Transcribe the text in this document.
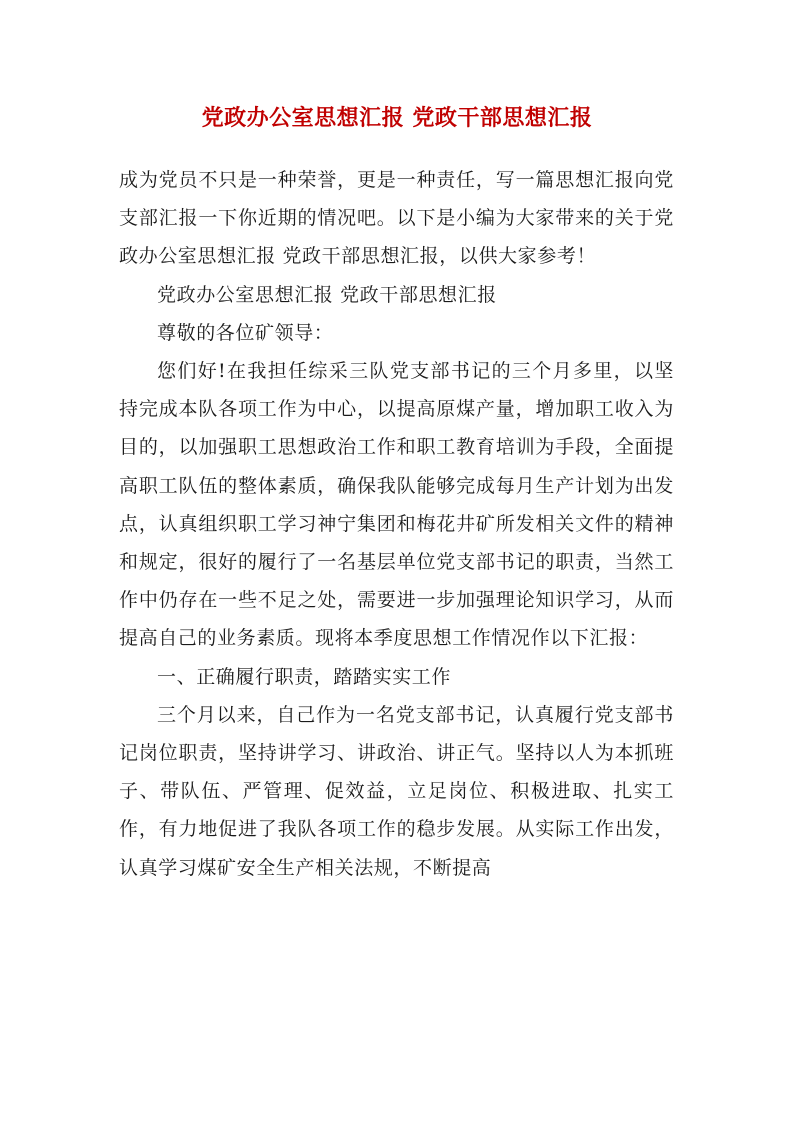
党政办公室思想汇报 党政干部思想汇报

成为党员不只是一种荣誉，更是一种责任，写一篇思想汇报向党支部汇报一下你近期的情况吧。以下是小编为大家带来的关于党政办公室思想汇报 党政干部思想汇报，以供大家参考！

党政办公室思想汇报 党政干部思想汇报

尊敬的各位矿领导：

您们好!在我担任综采三队党支部书记的三个月多里，以坚持完成本队各项工作为中心，以提高原煤产量，增加职工收入为目的，以加强职工思想政治工作和职工教育培训为手段，全面提高职工队伍的整体素质，确保我队能够完成每月生产计划为出发点，认真组织职工学习神宁集团和梅花井矿所发相关文件的精神和规定，很好的履行了一名基层单位党支部书记的职责，当然工作中仍存在一些不足之处，需要进一步加强理论知识学习，从而提高自己的业务素质。现将本季度思想工作情况作以下汇报：

一、正确履行职责，踏踏实实工作

三个月以来，自己作为一名党支部书记，认真履行党支部书记岗位职责，坚持讲学习、讲政治、讲正气。坚持以人为本抓班子、带队伍、严管理、促效益，立足岗位、积极进取、扎实工作，有力地促进了我队各项工作的稳步发展。从实际工作出发，认真学习煤矿安全生产相关法规，不断提高
